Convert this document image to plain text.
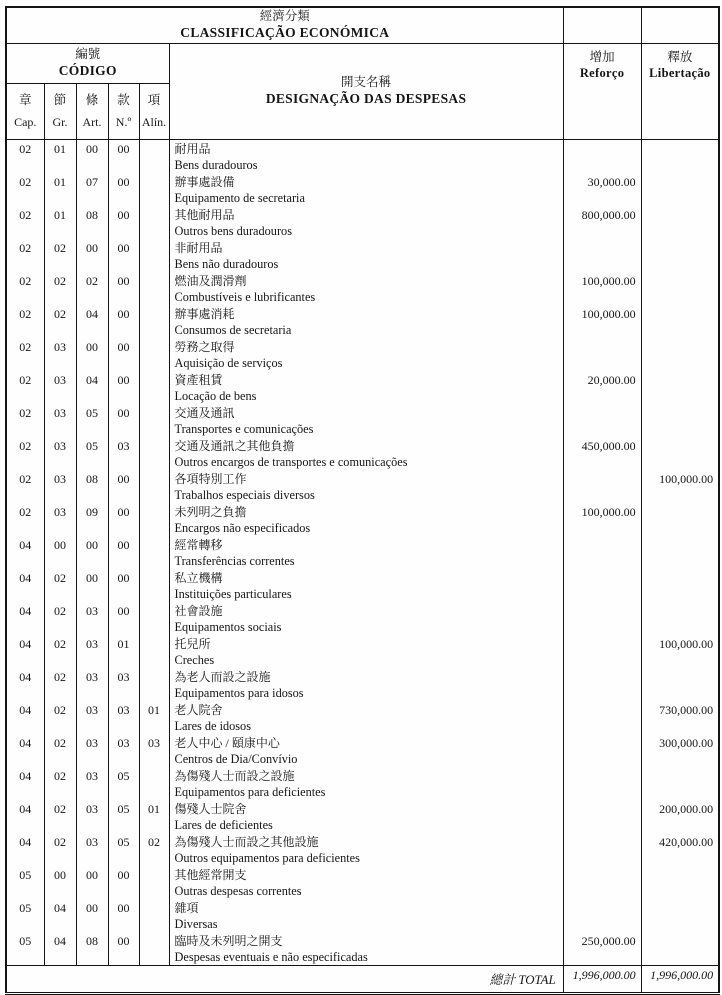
經濟分類
CLASSIFICAÇÃO ECONÓMICA							

編號
CÓDIGO

開支名稱
DESIGNAÇÃO DAS DESPESAS

增加
Reforço

釋放
Libertação

章
Cap.

節
Gr.

條
Art.

款
N.º

項
Alín.

02	01	00	00		耐用品
Bens duradouros		

02	01	07	00		辦事處設備
Equipamento de secretaria	30,000.00	
02	01	08	00		其他耐用品
Outros bens duradouros	800,000.00	
02	02	00	00		非耐用品
Bens não duradouros		

02	02	02	00		燃油及潤滑劑
Combustíveis e lubrificantes	100,000.00	
02	02	04	00		辦事處消耗
Consumos de secretaria	100,000.00	
02	03	00	00		勞務之取得
Aquisição de serviços		

02	03	04	00		資產租賃
Locação de bens	20,000.00	
02	03	05	00		交通及通訊
Transportes e comunicações		

02	03	05	03		交通及通訊之其他負擔
Outros encargos de transportes e comunicações	450,000.00	
02	03	08	00		各項特別工作
Trabalhos especiais diversos		100,000.00
02	03	09	00		未列明之負擔
Encargos não especificados	100,000.00	
04	00	00	00		經常轉移
Transferências correntes		

04	02	00	00		私立機構
Instituições particulares		

04	02	03	00		社會設施
Equipamentos sociais		

04	02	03	01		托兒所
Creches		100,000.00
04	02	03	03		為老人而設之設施
Equipamentos para idosos		

04	02	03	03	01	老人院舍
Lares de idosos		730,000.00
04	02	03	03	03	老人中心 / 頤康中心
Centros de Dia/Convívio		300,000.00
04	02	03	05		為傷殘人士而設之設施
Equipamentos para deficientes		

04	02	03	05	01	傷殘人士院舍
Lares de deficientes		200,000.00
04	02	03	05	02	為傷殘人士而設之其他設施
Outros equipamentos para deficientes		420,000.00
05	00	00	00		其他經常開支
Outras despesas correntes		

05	04	00	00		雜項
Diversas		

05	04	08	00		臨時及未列明之開支
Despesas eventuais e não especificadas	250,000.00	
總計 TOTAL						1,996,000.00	1,996,000.00
